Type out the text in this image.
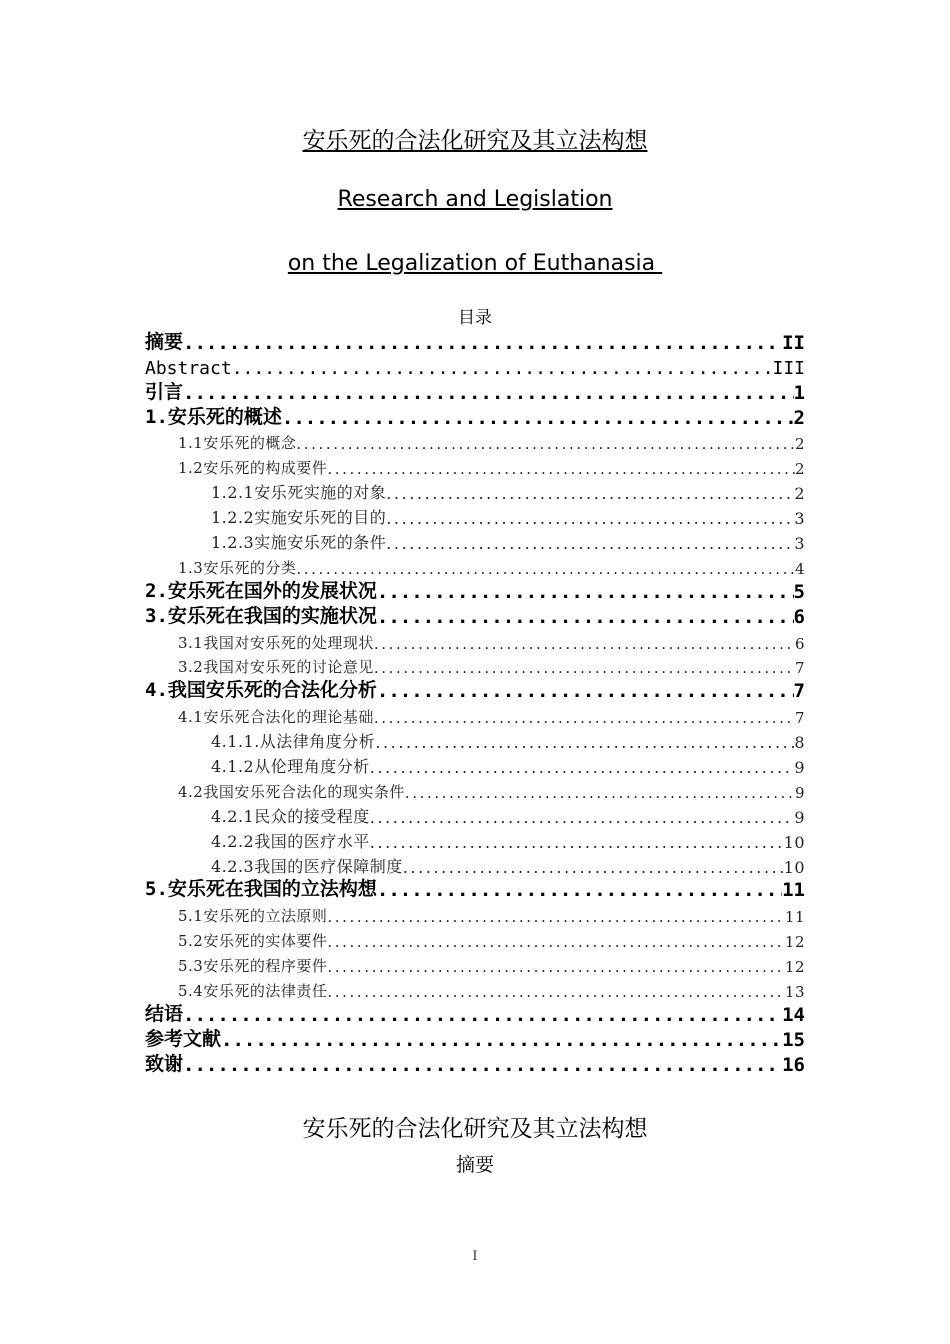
安乐死的合法化研究及其立法构想
Research and Legislation
on the Legalization of Euthanasia
目录
摘要 .....	II
Abstract .....	III
引言 .....	1
1.安乐死的概述 .....	2
1.1安乐死的概念 .....	2
1.2安乐死的构成要件 .....	2
1.2.1安乐死实施的对象 .....	2
1.2.2实施安乐死的目的 .....	3
1.2.3实施安乐死的条件 .....	3
1.3安乐死的分类 .....	4
2.安乐死在国外的发展状况 .....	5
3.安乐死在我国的实施状况 .....	6
3.1我国对安乐死的处理现状 .....	6
3.2我国对安乐死的讨论意见 .....	7
4.我国安乐死的合法化分析 .....	7
4.1安乐死合法化的理论基础 .....	7
4.1.1.从法律角度分析 .....	8
4.1.2从伦理角度分析 .....	9
4.2我国安乐死合法化的现实条件 .....	9
4.2.1民众的接受程度 .....	9
4.2.2我国的医疗水平 .....	10
4.2.3我国的医疗保障制度 .....	10
5.安乐死在我国的立法构想 .....	11
5.1安乐死的立法原则 .....	11
5.2安乐死的实体要件 .....	12
5.3安乐死的程序要件 .....	12
5.4安乐死的法律责任 .....	13
结语 .....	14
参考文献 .....	15
致谢 .....	16
安乐死的合法化研究及其立法构想
摘要
I
